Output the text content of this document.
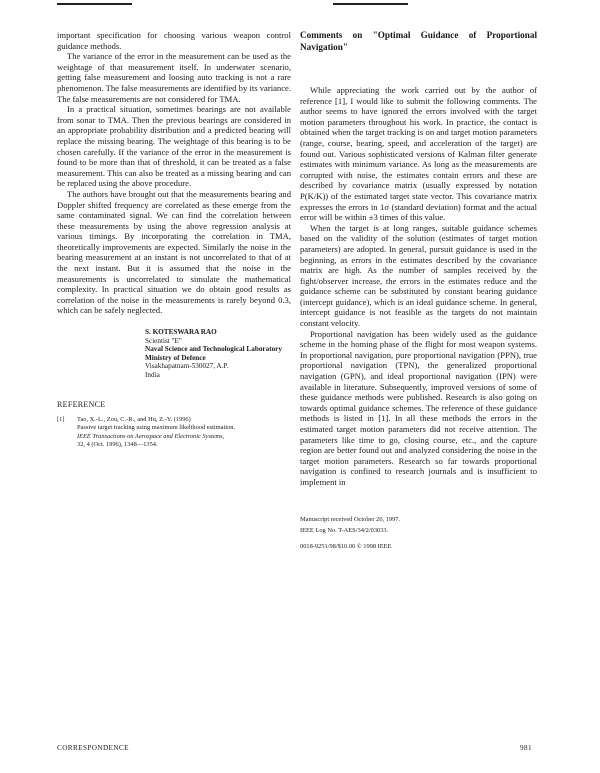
important specification for choosing various weapon control guidance methods.

The variance of the error in the measurement can be used as the weightage of that measurement itself. In underwater scenario, getting false measurement and loosing auto tracking is not a rare phenomenon. The false measurements are identified by its variance. The false measurements are not considered for TMA.

In a practical situation, sometimes bearings are not available from sonar to TMA. Then the previous bearings are considered in an appropriate probability distribution and a predicted bearing will replace the missing bearing. The weightage of this bearing is to be chosen carefully. If the variance of the error in the measurement is found to be more than that of threshold, it can be treated as a false measurement. This can also be treated as a missing bearing and can be replaced using the above procedure.

The authors have brought out that the measurements bearing and Doppler shifted frequency are correlated as these emerge from the same contaminated signal. We can find the correlation between these measurements by using the above regression analysis at various timings. By incorporating the correlation in TMA, theoretically improvements are expected. Similarly the noise in the bearing measurement at an instant is not uncorrelated to that of at the next instant. But it is assumed that the noise in the measurements is uncorrelated to simulate the mathematical complexity. In practical situation we do obtain good results as correlation of the noise in the measurements is rarely beyond 0.3, which can be safely neglected.

S. KOTESWARA RAO
Scientist "E"
Naval Science and Technological Laboratory
Ministry of Defence
Visakhapatnam-530027, A.P.
India
REFERENCE
[1] Tao, X.-L., Zou, C.-R., and Hu, Z.-Y. (1996)
Passive target tracking using maximum likelihood estimation.
IEEE Transactions on Aerospace and Electronic Systems,
32, 4 (Oct. 1996), 1348—1354.
Comments on "Optimal Guidance of Proportional Navigation"

While appreciating the work carried out by the author of reference [1], I would like to submit the following comments. The author seems to have ignored the errors involved with the target motion parameters throughout his work. In practice, the contact is obtained when the target tracking is on and target motion parameters (range, course, bearing, speed, and acceleration of the target) are found out. Various sophisticated versions of Kalman filter generate estimates with minimum variance. As long as the measurements are corrupted with noise, the estimates contain errors and these are described by covariance matrix (usually expressed by notation P(K/K)) of the estimated target state vector. This covariance matrix expresses the errors in 1σ (standard deviation) format and the actual error will be within ±3 times of this value.

When the target is at long ranges, suitable guidance schemes based on the validity of the solution (estimates of target motion parameters) are adopted. In general, pursuit guidance is used in the beginning, as errors in the estimates described by the covariance matrix are high. As the number of samples received by the fight/observer increase, the errors in the estimates reduce and the guidance scheme can be substituted by constant bearing guidance (intercept guidance), which is an ideal guidance scheme. In general, intercept guidance is not feasible as the targets do not maintain constant velocity.

Proportional navigation has been widely used as the guidance scheme in the homing phase of the flight for most weapon systems. In proportional navigation, pure proportional navigation (PPN), true proportional navigation (TPN), the generalized proportional navigation (GPN), and ideal proportional navigation (IPN) were available in literature. Subsequently, improved versions of some of these guidance methods were published. Research is also going on towards optimal guidance schemes. The reference of these guidance methods is listed in [1]. In all these methods the errors in the estimated target motion parameters did not receive attention. The parameters like time to go, closing course, etc., and the capture region are better found out and analyzed considering the noise in the target motion parameters. Research so far towards proportional navigation is confined to research journals and is insufficient to implement in

Manuscript received October 20, 1997.
IEEE Log No. T-AES/34/2/03033.
0018-9251/98/$10.00 © 1998 IEEE
CORRESPONDENCE	981
